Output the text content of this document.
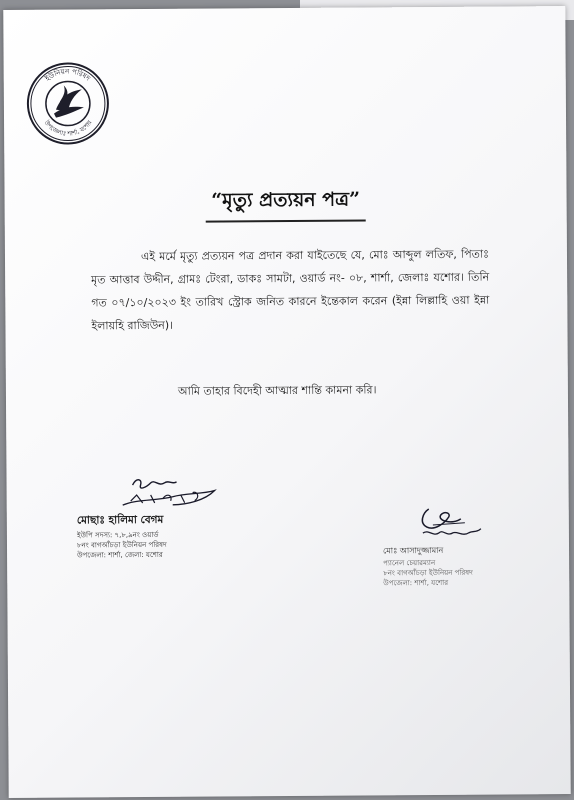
ইউনিয়ন পরিষদ
উপজেলাঃ শার্শা, যশোর
“মৃত্যু প্রত্যয়ন পত্র”
এই মর্মে মৃত্যু প্রত্যয়ন পত্র প্রদান করা যাইতেছে যে, মোঃ আব্দুল লতিফ, পিতাঃ মৃত আত্তাব উদ্দীন, গ্রামঃ টেংরা, ডাকঃ সামটা, ওয়ার্ড নং- ০৮, শার্শা, জেলাঃ যশোর। তিনি গত ০৭/১০/২০২৩ ইং তারিখ স্ট্রোক জনিত কারনে ইন্তেকাল করেন (ইন্না লিল্লাহি ওয়া ইন্না ইলায়হি রাজিউন)।
আমি তাহার বিদেহী আত্মার শান্তি কামনা করি।
মোছাঃ হালিমা বেগম
ইউপি সদস্য: ৭,৮,৯নং ওয়ার্ড
৮নং বাগআঁচড়া ইউনিয়ন পরিষদ
উপজেলা: শার্শা, জেলা: যশোর	মোঃ আসাদুজ্জামান
প্যানেল চেয়ারম্যান
৮নং বাগআঁচড়া ইউনিয়ন পরিষদ
উপজেলা: শার্শা, যশোর
